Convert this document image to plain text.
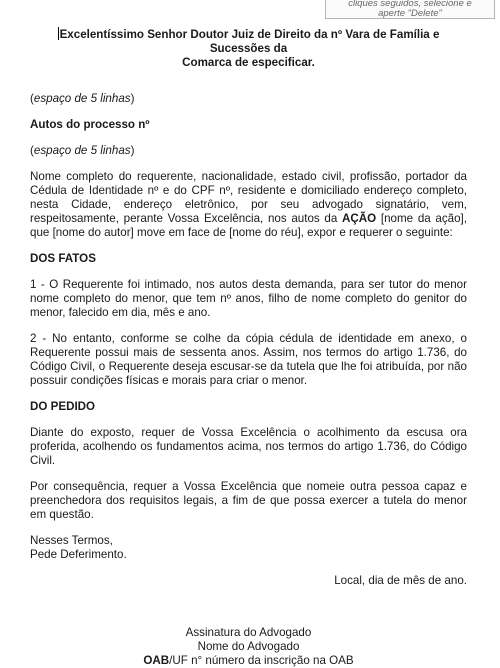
cliques seguidos, selecione e
aperte "Delete"

Excelentíssimo Senhor Doutor Juiz de Direito da nº Vara de Família e Sucessões da
Comarca de especificar.

(espaço de 5 linhas)

Autos do processo nº

(espaço de 5 linhas)

Nome completo do requerente, nacionalidade, estado civil, profissão, portador da Cédula de Identidade nº e do CPF nº, residente e domiciliado endereço completo, nesta Cidade, endereço eletrônico, por seu advogado signatário, vem, respeitosamente, perante Vossa Excelência, nos autos da AÇÃO [nome da ação], que [nome do autor] move em face de [nome do réu], expor e requerer o seguinte:

DOS FATOS

1 - O Requerente foi intimado, nos autos desta demanda, para ser tutor do menor nome completo do menor, que tem nº anos, filho de nome completo do genitor do menor, falecido em dia, mês e ano.

2 - No entanto, conforme se colhe da cópia cédula de identidade em anexo, o Requerente possui mais de sessenta anos. Assim, nos termos do artigo 1.736, do Código Civil, o Requerente deseja escusar-se da tutela que lhe foi atribuída, por não possuir condições físicas e morais para criar o menor.

DO PEDIDO

Diante do exposto, requer de Vossa Excelência o acolhimento da escusa ora proferida, acolhendo os fundamentos acima, nos termos do artigo 1.736, do Código Civil.

Por consequência, requer a Vossa Excelência que nomeie outra pessoa capaz e preenchedora dos requisitos legais, a fim de que possa exercer a tutela do menor em questão.

Nesses Termos,

Pede Deferimento.

Local, dia de mês de ano.

Assinatura do Advogado

Nome do Advogado

OAB/UF n° número da inscrição na OAB
